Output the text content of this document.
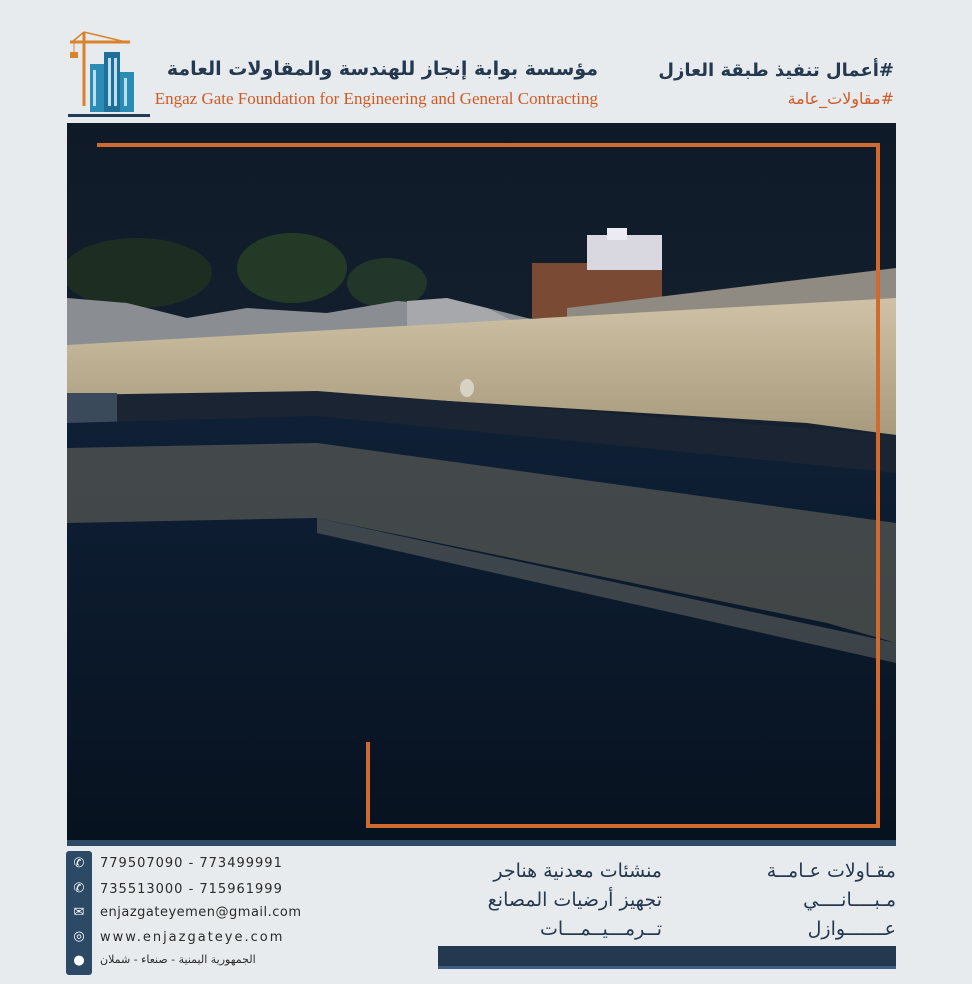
مؤسسة بوابة إنجاز للهندسة والمقاولات العامة
Engaz Gate Foundation for Engineering and General Contracting
#أعمال تنفيذ طبقة العازل
#مقاولات_عامة
✆
✆
✉
◎
●
779507090 - 773499991
735513000 - 715961999
enjazgateyemen@gmail.com
www.enjazgateye.com
الجمهورية اليمنية - صنعاء - شملان
مقـاولات عـامــة
مـبــــانــــي
عـــــــوازل
منشئات معدنية هناجر
تجهيز أرضيات المصانع
تــرمـــيــمـــات
